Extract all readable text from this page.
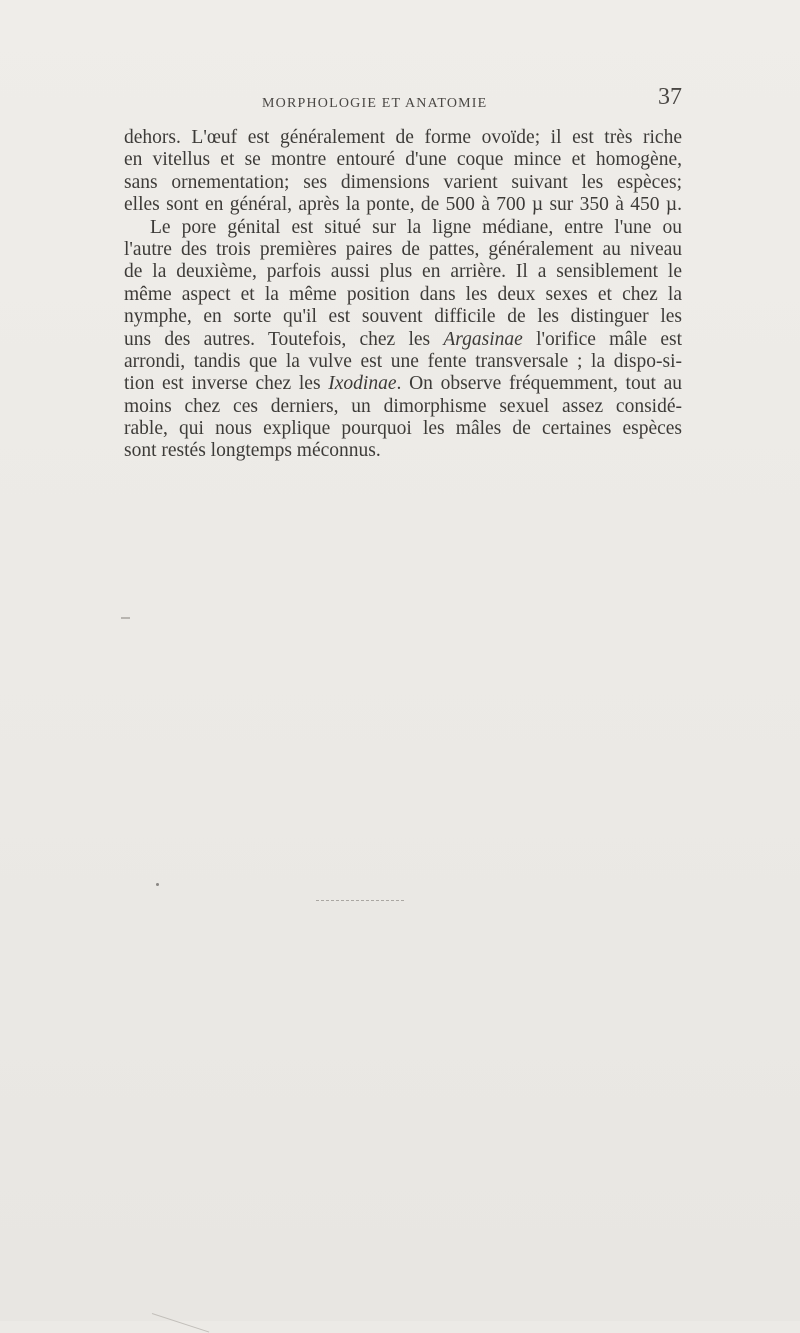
MORPHOLOGIE ET ANATOMIE	37
dehors. L'œuf est généralement de forme ovoïde; il est très riche
en vitellus et se montre entouré d'une coque mince et homogène,
sans ornementation; ses dimensions varient suivant les espèces;
elles sont en général, après la ponte, de 500 à 700 µ sur 350 à 450 µ.
Le pore génital est situé sur la ligne médiane, entre l'une ou
l'autre des trois premières paires de pattes, généralement au niveau
de la deuxième, parfois aussi plus en arrière. Il a sensiblement le
même aspect et la même position dans les deux sexes et chez la
nymphe, en sorte qu'il est souvent difficile de les distinguer les
uns des autres. Toutefois, chez les Argasinae l'orifice mâle est
arrondi, tandis que la vulve est une fente transversale ; la dispo-si-
tion est inverse chez les Ixodinae. On observe fréquemment, tout au
moins chez ces derniers, un dimorphisme sexuel assez considé-
rable, qui nous explique pourquoi les mâles de certaines espèces
sont restés longtemps méconnus.
